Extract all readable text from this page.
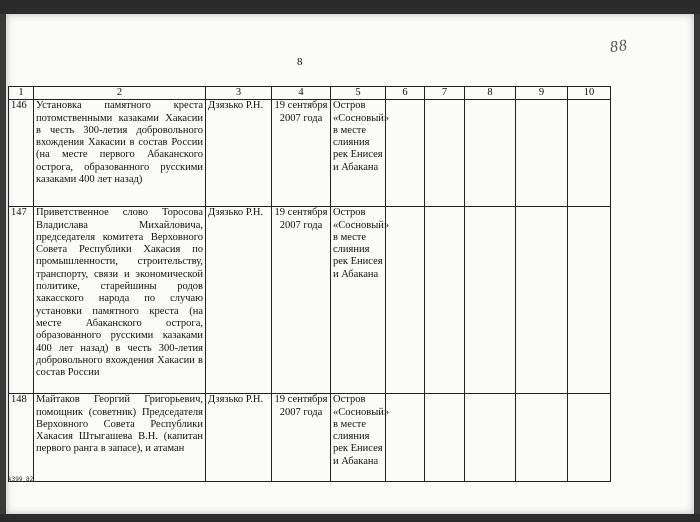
8
88
k399 82
1	2	3	4	5	6	7	8	9	10
146	Установка памятного креста потомственными казаками Хакасии в честь 300-летия добровольного вхождения Хакасии в состав России (на месте первого Абаканского острога, образованного русскими казаками 400 лет назад)	Дзязько Р.Н.	19 сентября 2007 года	Остров «Сосновый» в месте слияния рек Енисея и Абакана					
147	Приветственное слово Торосова Владислава Михайловича, председателя комитета Верховного Совета Республики Хакасия по промышленности, строительству, транспорту, связи и экономической политике, старейшины родов хакасского народа по случаю установки памятного креста (на месте Абаканского острога, образованного русскими казаками 400 лет назад) в честь 300-летия добровольного вхождения Хакасии в состав России	Дзязько Р.Н.	19 сентября 2007 года	Остров «Сосновый» в месте слияния рек Енисея и Абакана					
148	Майтаков Георгий Григорьевич, помощник (советник) Председателя Верховного Совета Республики Хакасия Штыгашева В.Н. (капитан первого ранга в запасе), и атаман	Дзязько Р.Н.	19 сентября 2007 года	Остров «Сосновый» в месте слияния рек Енисея и Абакана					
